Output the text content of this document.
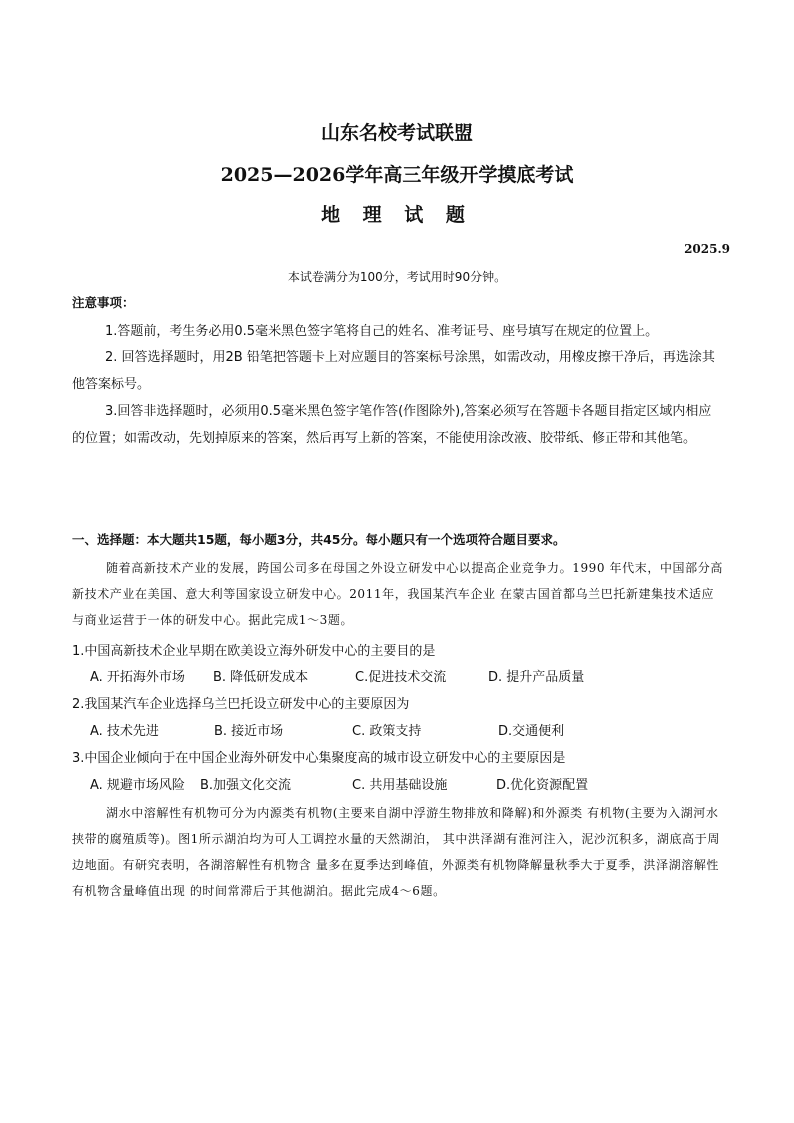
山东名校考试联盟
2025—2026学年高三年级开学摸底考试
地 理 试 题
2025.9
本试卷满分为100分，考试用时90分钟。
注意事项：
1.答题前，考生务必用0.5毫米黑色签字笔将自己的姓名、准考证号、座号填写在规定的位置上。
2. 回答选择题时，用2B 铅笔把答题卡上对应题目的答案标号涂黑，如需改动，用橡皮擦干净后，再选涂其他答案标号。
3.回答非选择题时，必须用0.5毫米黑色签字笔作答(作图除外),答案必须写在答题卡各题目指定区域内相应的位置；如需改动，先划掉原来的答案，然后再写上新的答案，不能使用涂改液、胶带纸、修正带和其他笔。
一、选择题：本大题共15题，每小题3分，共45分。每小题只有一个选项符合题目要求。
随着高新技术产业的发展，跨国公司多在母国之外设立研发中心以提高企业竞争力。1990 年代末，中国部分高新技术产业在美国、意大利等国家设立研发中心。2011年，我国某汽车企业 在蒙古国首都乌兰巴托新建集技术适应与商业运营于一体的研发中心。据此完成1～3题。
1.中国高新技术企业早期在欧美设立海外研发中心的主要目的是
A. 开拓海外市场 B. 降低研发成本	C.促进技术交流	D. 提升产品质量
2.我国某汽车企业选择乌兰巴托设立研发中心的主要原因为
A. 技术先进	B. 接近市场	C. 政策支持	D.交通便利
3.中国企业倾向于在中国企业海外研发中心集聚度高的城市设立研发中心的主要原因是
A. 规避市场风险 B.加强文化交流	C. 共用基础设施	D.优化资源配置
湖水中溶解性有机物可分为内源类有机物(主要来自湖中浮游生物排放和降解)和外源类 有机物(主要为入湖河水挟带的腐殖质等)。图1所示湖泊均为可人工调控水量的天然湖泊， 其中洪泽湖有淮河注入，泥沙沉积多，湖底高于周边地面。有研究表明，各湖溶解性有机物含 量多在夏季达到峰值，外源类有机物降解量秋季大于夏季，洪泽湖溶解性有机物含量峰值出现 的时间常滞后于其他湖泊。据此完成4～6题。
